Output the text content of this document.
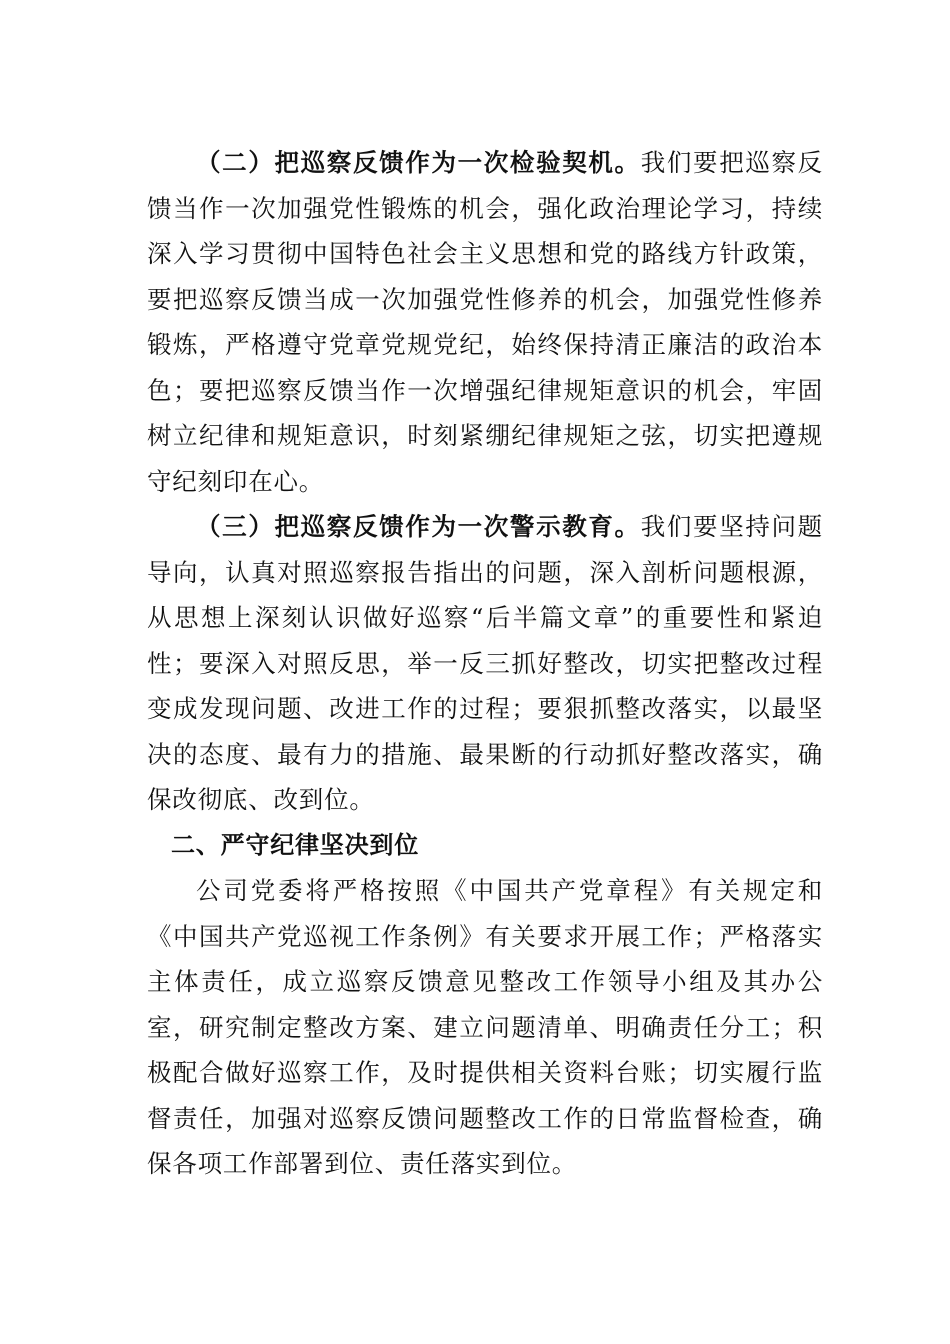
（二）把巡察反馈作为一次检验契机。我们要把巡察反馈当作一次加强党性锻炼的机会，强化政治理论学习，持续深入学习贯彻中国特色社会主义思想和党的路线方针政策，要把巡察反馈当成一次加强党性修养的机会，加强党性修养锻炼，严格遵守党章党规党纪，始终保持清正廉洁的政治本色；要把巡察反馈当作一次增强纪律规矩意识的机会，牢固树立纪律和规矩意识，时刻紧绷纪律规矩之弦，切实把遵规守纪刻印在心。

（三）把巡察反馈作为一次警示教育。我们要坚持问题导向，认真对照巡察报告指出的问题，深入剖析问题根源，从思想上深刻认识做好巡察“后半篇文章”的重要性和紧迫性；要深入对照反思，举一反三抓好整改，切实把整改过程变成发现问题、改进工作的过程；要狠抓整改落实，以最坚决的态度、最有力的措施、最果断的行动抓好整改落实，确保改彻底、改到位。

二、严守纪律坚决到位

公司党委将严格按照《中国共产党章程》有关规定和《中国共产党巡视工作条例》有关要求开展工作；严格落实主体责任，成立巡察反馈意见整改工作领导小组及其办公室，研究制定整改方案、建立问题清单、明确责任分工；积极配合做好巡察工作，及时提供相关资料台账；切实履行监督责任，加强对巡察反馈问题整改工作的日常监督检查，确保各项工作部署到位、责任落实到位。
